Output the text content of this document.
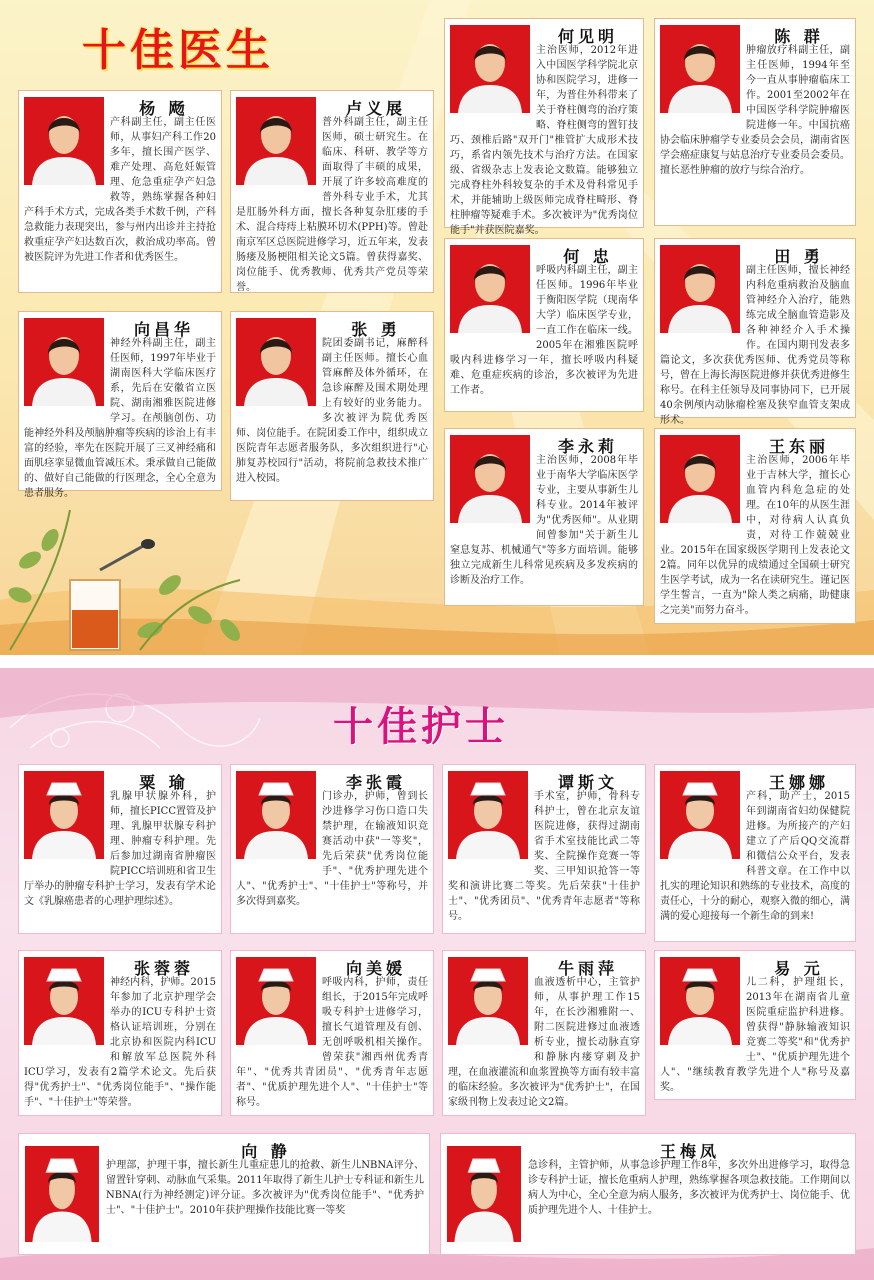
十佳医生
杨 飏
产科副主任，副主任医师，从事妇产科工作20多年，擅长围产医学、难产处理、高危妊娠管理、危急重症孕产妇急救等，熟练掌握各种妇产科手术方式，完成各类手术数千例，产科急救能力表现突出，参与州内出诊并主持抢救重症孕产妇达数百次，救治成功率高。曾被医院评为先进工作者和优秀医生。
卢义展
普外科副主任，副主任医师，硕士研究生。在临床、科研、教学等方面取得了丰硕的成果，开展了许多较高难度的普外科专业手术，尤其是肛肠外科方面，擅长各种复杂肛瘘的手术、混合痔痔上粘膜环切术(PPH)等。曾赴南京军区总医院进修学习，近五年来，发表肠瘘及肠梗阻相关论文5篇。曾获得嘉奖、岗位能手、优秀教师、优秀共产党员等荣誉。
何见明
主治医师，2012年进入中国医学科学院北京协和医院学习，进修一年，为普住外科带来了关于脊柱侧弯的治疗策略、脊柱侧弯的置钉技巧、颈椎后路"双开门"椎管扩大成形术技巧，系省内领先技术与治疗方法。在国家级、省级杂志上发表论文数篇。能够独立完成脊柱外科较复杂的手术及骨科常见手术，并能辅助上级医师完成脊柱畸形、脊柱肿瘤等疑难手术。多次被评为"优秀岗位能手"并获医院嘉奖。
陈 群
肿瘤放疗科副主任，副主任医师，1994年至今一直从事肿瘤临床工作。2001至2002年在中国医学科学院肿瘤医院进修一年。中国抗癌协会临床肿瘤学专业委员会会员，湖南省医学会癌症康复与姑息治疗专业委员会委员。擅长恶性肿瘤的放疗与综合治疗。
向昌华
神经外科副主任，副主任医师，1997年毕业于湖南医科大学临床医疗系，先后在安徽省立医院、湖南湘雅医院进修学习。在颅脑创伤、功能神经外科及颅脑肿瘤等疾病的诊治上有丰富的经验，率先在医院开展了三叉神经痛和面肌痉挛显微血管减压术。秉承做自己能做的、做好自己能做的行医理念，全心全意为患者服务。
张 勇
院团委副书记，麻醉科副主任医师。擅长心血管麻醉及体外循环，在急诊麻醉及围术期处理上有较好的业务能力。多次被评为院优秀医师、岗位能手。在院团委工作中，组织成立医院青年志愿者服务队，多次组织进行"心肺复苏校园行"活动，将院前急救技术推广进入校园。
何 忠
呼吸内科副主任，副主任医师。1996年毕业于衡阳医学院（现南华大学）临床医学专业，一直工作在临床一线。2005年在湘雅医院呼吸内科进修学习一年，擅长呼吸内科疑难、危重症疾病的诊治，多次被评为先进工作者。
田 勇
副主任医师，擅长神经内科危重病救治及脑血管神经介入治疗，能熟练完成全脑血管造影及各种神经介入手术操作。在国内期刊发表多篇论文，多次获优秀医师、优秀党员等称号，曾在上海长海医院进修并获优秀进修生称号。在科主任领导及同事协同下，已开展40余例颅内动脉瘤栓塞及狭窄血管支架成形术。
李永莉
主治医师，2008年毕业于南华大学临床医学专业，主要从事新生儿科专业。2014年被评为"优秀医师"。从业期间曾参加"关于新生儿窒息复苏、机械通气"等多方面培训。能够独立完成新生儿科常见疾病及多发疾病的诊断及治疗工作。
王东丽
主治医师，2006年毕业于吉林大学，擅长心血管内科危急症的处理。在10年的从医生涯中，对待病人认真负责，对待工作兢兢业业。2015年在国家级医学期刊上发表论文2篇。同年以优异的成绩通过全国硕士研究生医学考试，成为一名在读研究生。谨记医学生誓言，一直为"除人类之病痛，助健康之完美"而努力奋斗。
十佳护士
粟 瑜
乳腺甲状腺外科，护师，擅长PICC置管及护理、乳腺甲状腺专科护理、肿瘤专科护理。先后参加过湖南省肿瘤医院PICC培训班和省卫生厅举办的肿瘤专科护士学习，发表有学术论文《乳腺癌患者的心理护理综述》。
李张霞
门诊办，护师，曾到长沙进修学习伤口造口失禁护理，在输液知识竞赛活动中获"一等奖"，先后荣获"优秀岗位能手"、"优秀护理先进个人"、"优秀护士"、"十佳护士"等称号，并多次得到嘉奖。
谭斯文
手术室，护师，骨科专科护士，曾在北京友谊医院进修，获得过湖南省手术室技能比武二等奖、全院操作竞赛一等奖、三甲知识抢答一等奖和演讲比赛二等奖。先后荣获"十佳护士"、"优秀团员"、"优秀青年志愿者"等称号。
王娜娜
产科，助产士，2015年到湖南省妇幼保健院进修。为所接产的产妇建立了产后QQ交流群和微信公众平台，发表科普文章。在工作中以扎实的理论知识和熟练的专业技术，高度的责任心，十分的耐心，观察入微的细心，满满的爱心迎接每一个新生命的到来!
张蓉蓉
神经内科，护师。2015年参加了北京护理学会举办的ICU专科护士资格认证培训班，分别在北京协和医院内科ICU和解放军总医院外科ICU学习，发表有2篇学术论文。先后获得"优秀护士"、"优秀岗位能手"、"操作能手"、"十佳护士"等荣誉。
向美媛
呼吸内科，护师，责任组长，于2015年完成呼吸专科护士进修学习，擅长气道管理及有创、无创呼吸机相关操作。曾荣获"湘西州优秀青年"、"优秀共青团员"、"优秀青年志愿者"、"优质护理先进个人"、"十佳护士"等称号。
牛雨萍
血液透析中心，主管护师，从事护理工作15年，在长沙湘雅附一、附二医院进修过血液透析专业，擅长动脉直穿和静脉内瘘穿刺及护理，在血液灌流和血浆置换等方面有较丰富的临床经验。多次被评为"优秀护士"，在国家级刊物上发表过论文2篇。
易 元
儿二科，护理组长，2013年在湖南省儿童医院重症监护科进修。曾获得"静脉输液知识竞赛二等奖"和"优秀护士"、"优质护理先进个人"、"继续教育教学先进个人"称号及嘉奖。
向 静
护理部，护理干事，擅长新生儿重症患儿的抢救、新生儿NBNA评分、留置针穿刺、动脉血气采集。2011年取得了新生儿护士专科证和新生儿NBNA(行为神经测定)评分证。多次被评为"优秀岗位能手"、"优秀护士"、"十佳护士"。2010年获护理操作技能比赛一等奖
王梅凤
急诊科，主管护师，从事急诊护理工作8年，多次外出进修学习，取得急诊专科护士证，擅长危重病人护理，熟练掌握各项急救技能。工作期间以病人为中心，全心全意为病人服务，多次被评为优秀护士、岗位能手、优质护理先进个人、十佳护士。
